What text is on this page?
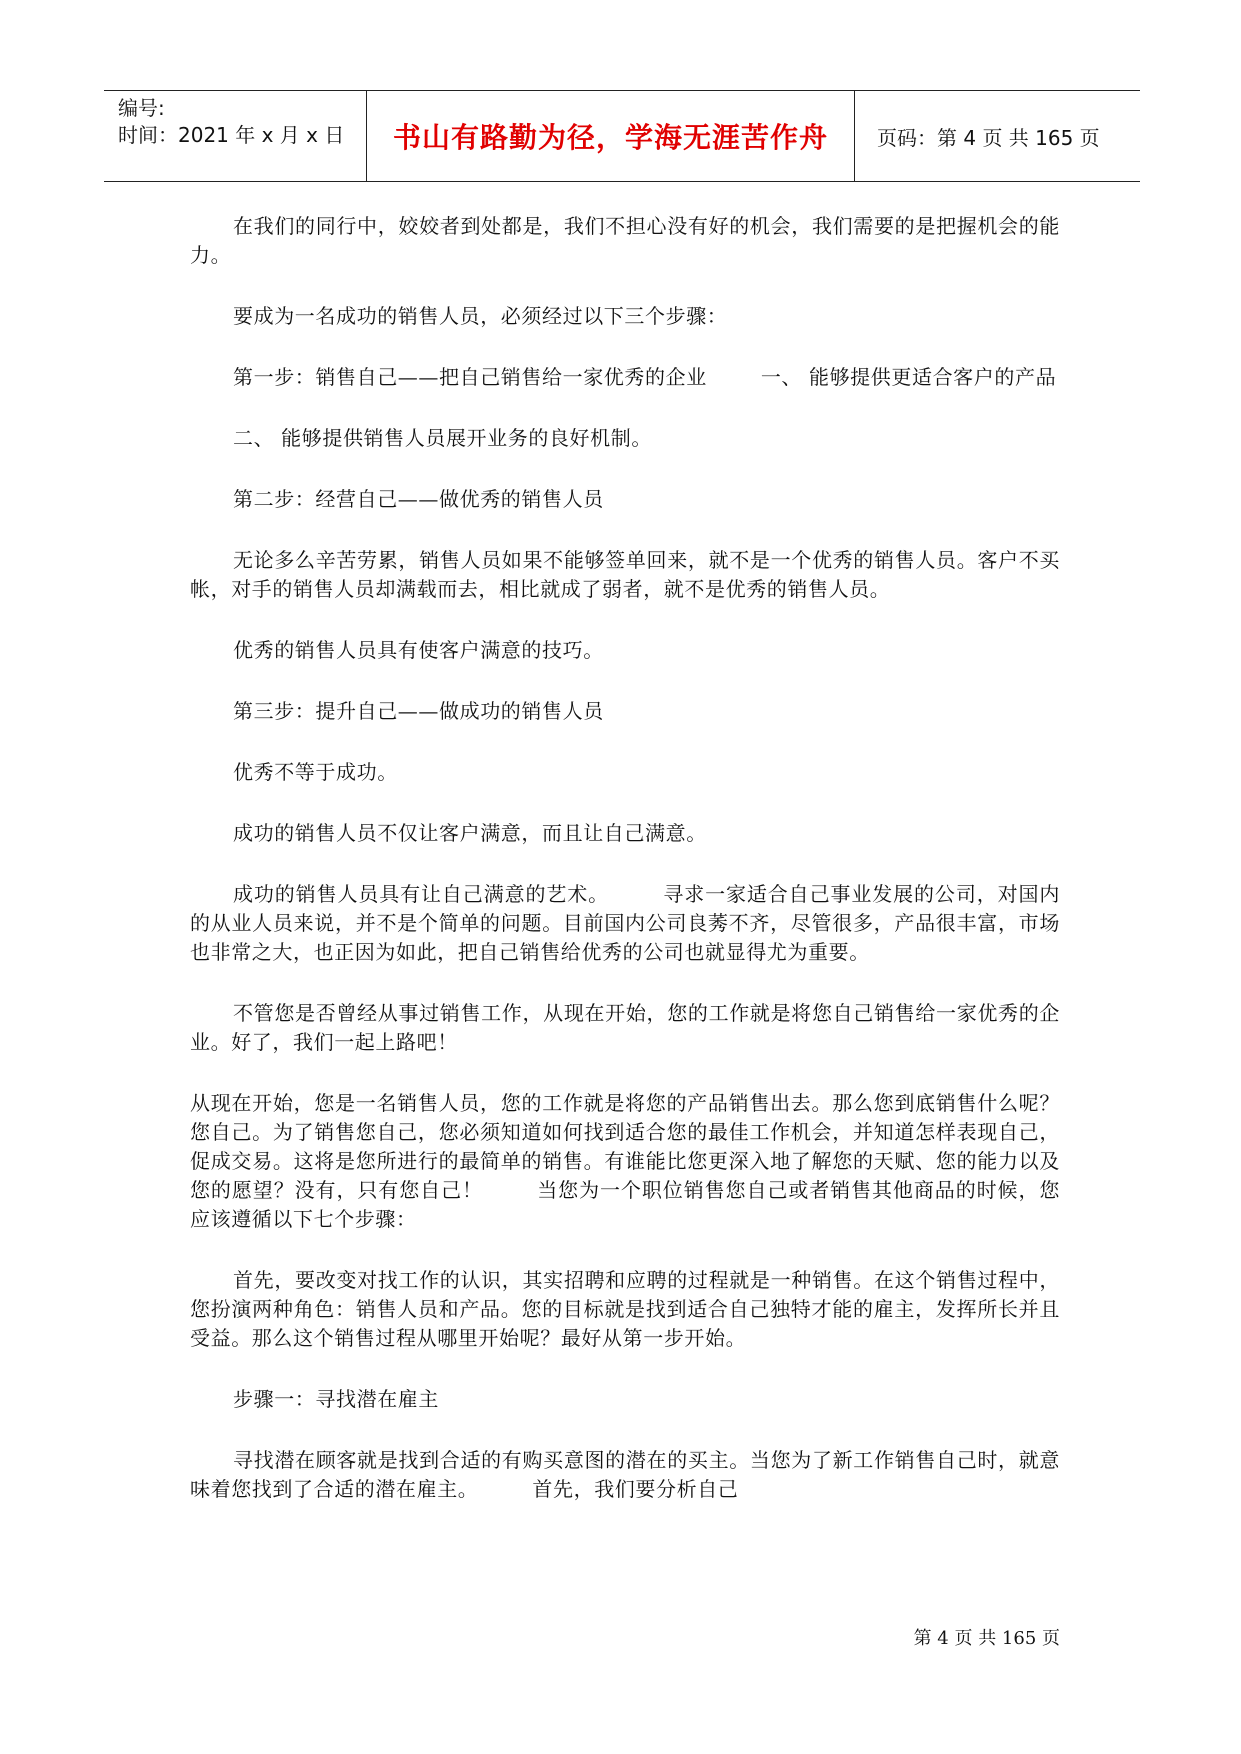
编号:
时间：2021 年 x 月 x 日	书山有路勤为径，学海无涯苦作舟 页码：第 4 页 共 165 页

在我们的同行中，姣姣者到处都是，我们不担心没有好的机会，我们需要的是把握机会的能力。

要成为一名成功的销售人员，必须经过以下三个步骤：

第一步：销售自己——把自己销售给一家优秀的企业	一、 能够提供更适合客户的产品

二、 能够提供销售人员展开业务的良好机制。

第二步：经营自己——做优秀的销售人员

无论多么辛苦劳累，销售人员如果不能够签单回来，就不是一个优秀的销售人员。客户不买帐，对手的销售人员却满载而去，相比就成了弱者，就不是优秀的销售人员。

优秀的销售人员具有使客户满意的技巧。

第三步：提升自己——做成功的销售人员

优秀不等于成功。

成功的销售人员不仅让客户满意，而且让自己满意。

成功的销售人员具有让自己满意的艺术。	寻求一家适合自己事业发展的公司，对国内的从业人员来说，并不是个简单的问题。目前国内公司良莠不齐，尽管很多，产品很丰富，市场也非常之大，也正因为如此，把自己销售给优秀的公司也就显得尤为重要。

不管您是否曾经从事过销售工作，从现在开始，您的工作就是将您自己销售给一家优秀的企业。好了，我们一起上路吧！

从现在开始，您是一名销售人员，您的工作就是将您的产品销售出去。那么您到底销售什么呢？您自己。为了销售您自己，您必须知道如何找到适合您的最佳工作机会，并知道怎样表现自己，促成交易。这将是您所进行的最简单的销售。有谁能比您更深入地了解您的天赋、您的能力以及您的愿望？没有，只有您自己！	当您为一个职位销售您自己或者销售其他商品的时候，您应该遵循以下七个步骤：

首先，要改变对找工作的认识，其实招聘和应聘的过程就是一种销售。在这个销售过程中，您扮演两种角色：销售人员和产品。您的目标就是找到适合自己独特才能的雇主，发挥所长并且受益。那么这个销售过程从哪里开始呢？最好从第一步开始。

步骤一：寻找潜在雇主

寻找潜在顾客就是找到合适的有购买意图的潜在的买主。当您为了新工作销售自己时，就意味着您找到了合适的潜在雇主。	首先，我们要分析自己

第 4 页 共 165 页
